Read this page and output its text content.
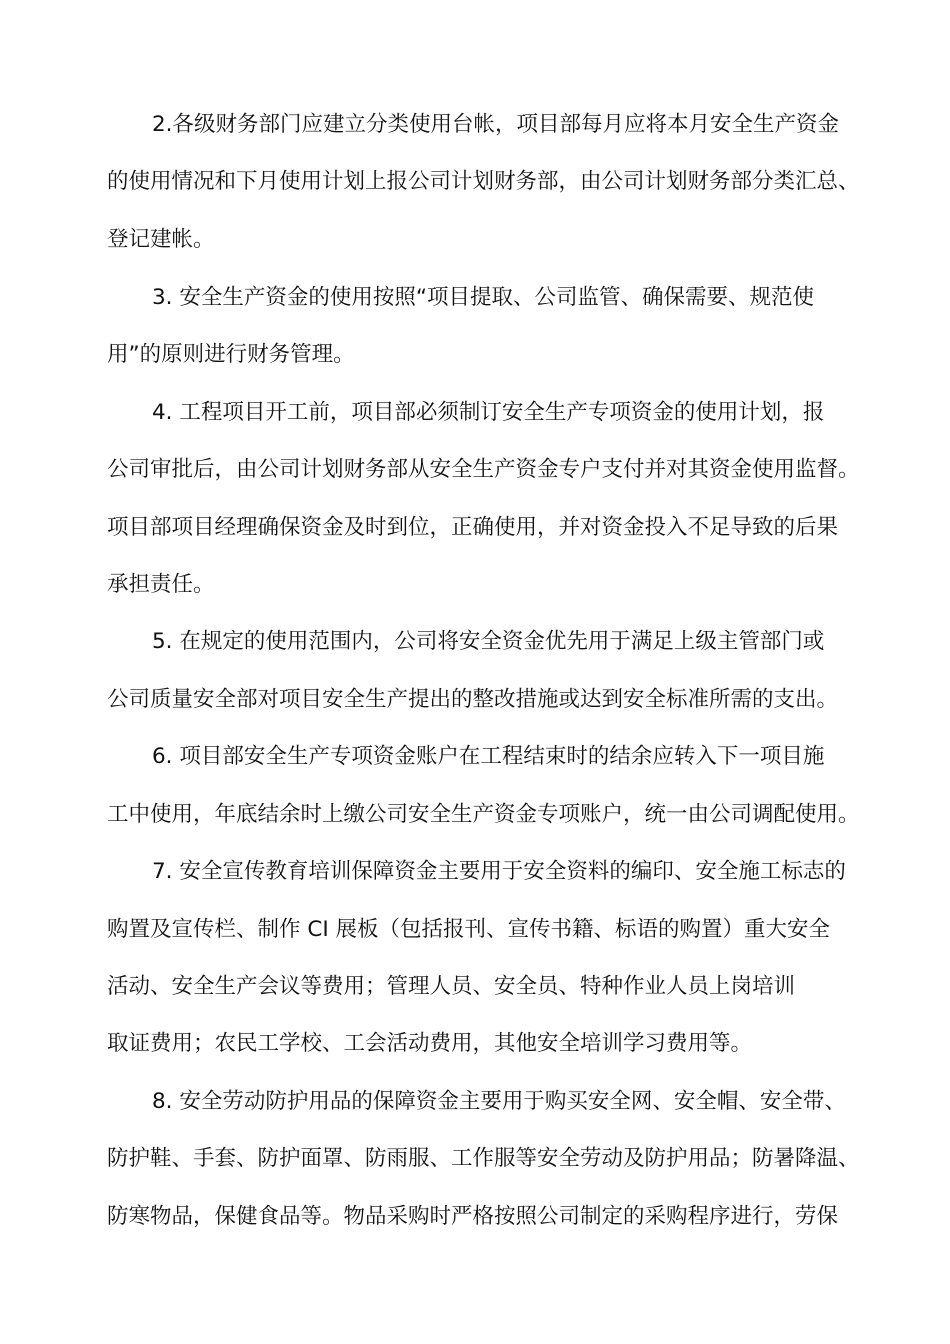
2.各级财务部门应建立分类使用台帐，项目部每月应将本月安全生产资金
的使用情况和下月使用计划上报公司计划财务部，由公司计划财务部分类汇总、
登记建帐。
3. 安全生产资金的使用按照“项目提取、公司监管、确保需要、规范使
用”的原则进行财务管理。
4. 工程项目开工前，项目部必须制订安全生产专项资金的使用计划，报
公司审批后，由公司计划财务部从安全生产资金专户支付并对其资金使用监督。
项目部项目经理确保资金及时到位，正确使用，并对资金投入不足导致的后果
承担责任。
5. 在规定的使用范围内，公司将安全资金优先用于满足上级主管部门或
公司质量安全部对项目安全生产提出的整改措施或达到安全标准所需的支出。
6. 项目部安全生产专项资金账户在工程结束时的结余应转入下一项目施
工中使用，年底结余时上缴公司安全生产资金专项账户，统一由公司调配使用。
7. 安全宣传教育培训保障资金主要用于安全资料的编印、安全施工标志的
购置及宣传栏、制作 CI 展板（包括报刊、宣传书籍、标语的购置）重大安全
活动、安全生产会议等费用；管理人员、安全员、特种作业人员上岗培训
取证费用；农民工学校、工会活动费用，其他安全培训学习费用等。
8. 安全劳动防护用品的保障资金主要用于购买安全网、安全帽、安全带、
防护鞋、手套、防护面罩、防雨服、工作服等安全劳动及防护用品；防暑降温、
防寒物品，保健食品等。物品采购时严格按照公司制定的采购程序进行，劳保
